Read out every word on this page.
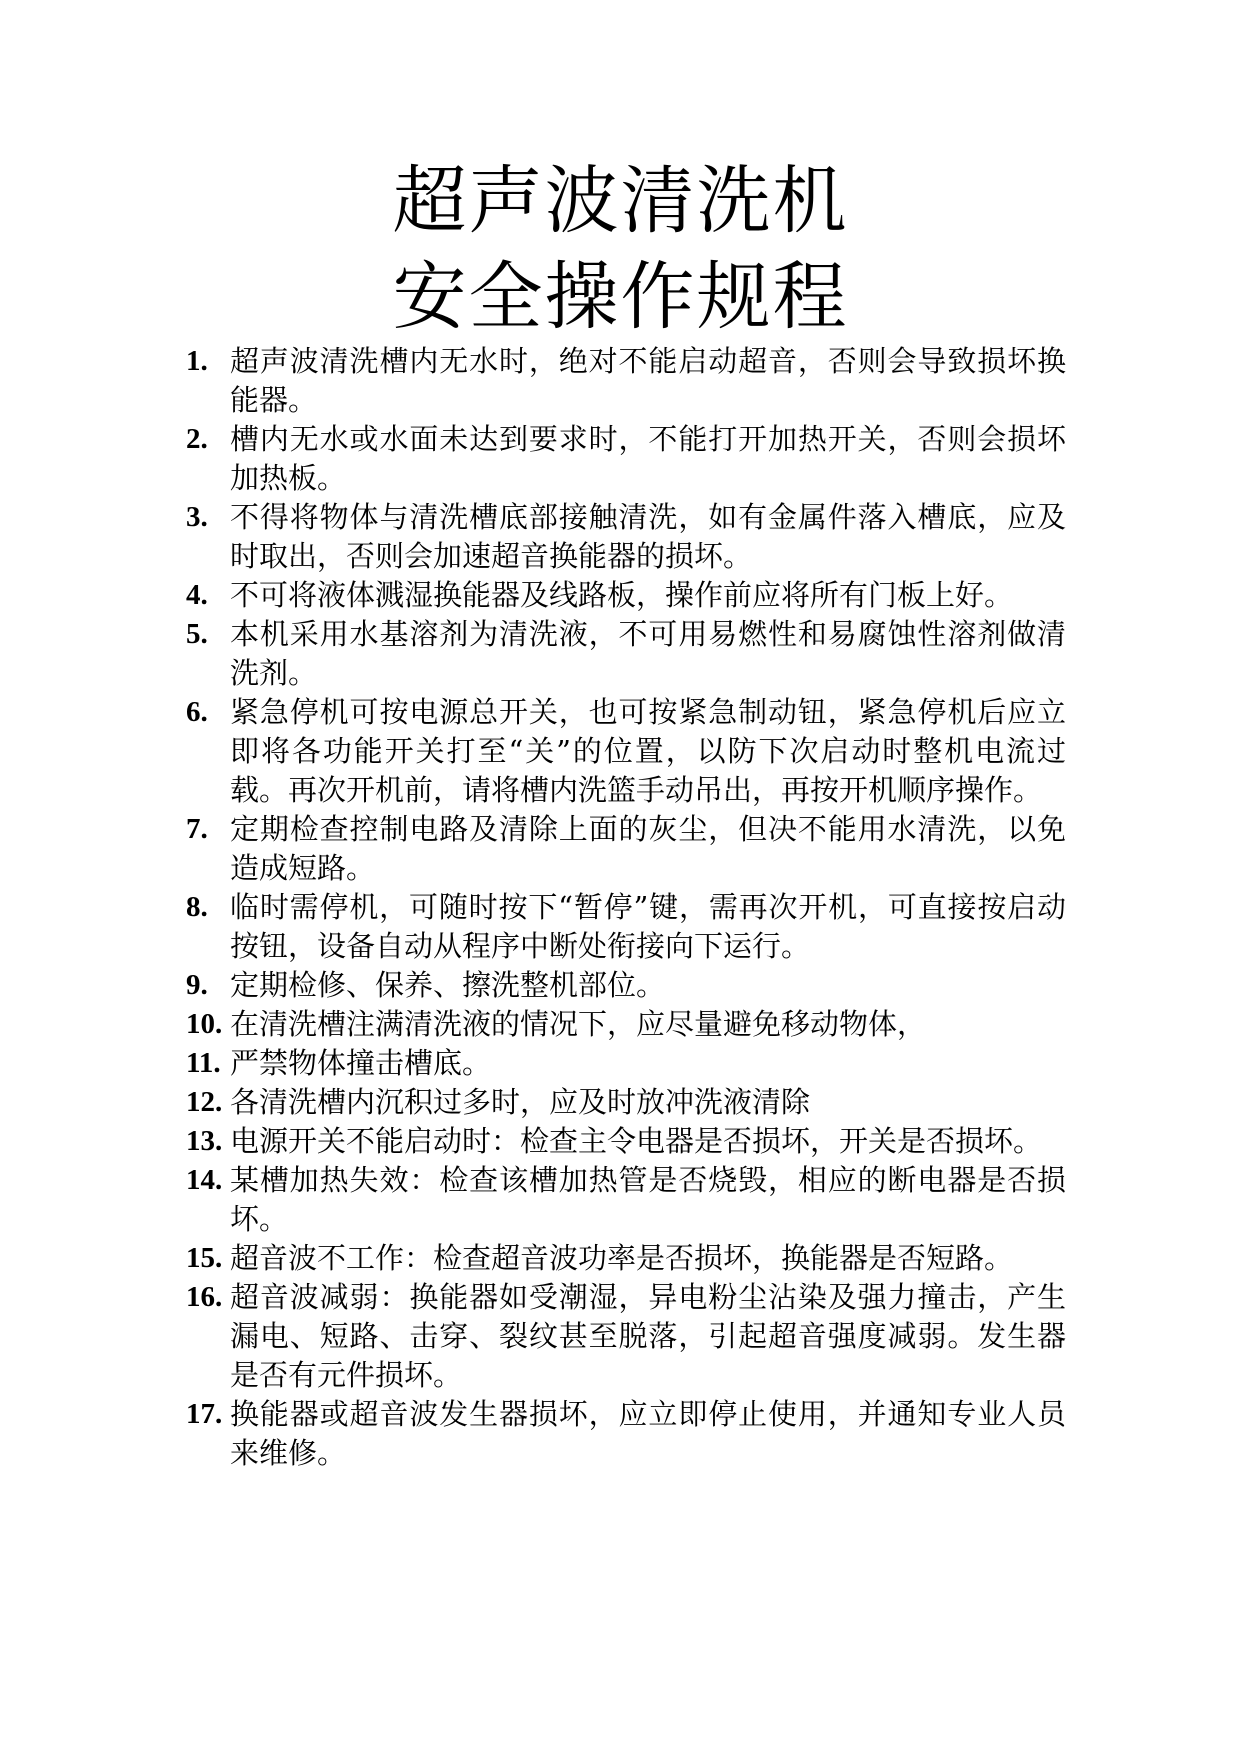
超声波清洗机
安全操作规程
1. 超声波清洗槽内无水时，绝对不能启动超音，否则会导致损坏换能器。
2. 槽内无水或水面未达到要求时，不能打开加热开关，否则会损坏加热板。
3. 不得将物体与清洗槽底部接触清洗，如有金属件落入槽底，应及时取出，否则会加速超音换能器的损坏。
4. 不可将液体溅湿换能器及线路板，操作前应将所有门板上好。
5. 本机采用水基溶剂为清洗液，不可用易燃性和易腐蚀性溶剂做清洗剂。
6. 紧急停机可按电源总开关，也可按紧急制动钮，紧急停机后应立即将各功能开关打至“关”的位置，以防下次启动时整机电流过载。再次开机前，请将槽内洗篮手动吊出，再按开机顺序操作。
7. 定期检查控制电路及清除上面的灰尘，但决不能用水清洗，以免造成短路。
8. 临时需停机，可随时按下“暂停”键，需再次开机，可直接按启动按钮，设备自动从程序中断处衔接向下运行。
9. 定期检修、保养、擦洗整机部位。
10. 在清洗槽注满清洗液的情况下，应尽量避免移动物体，
11. 严禁物体撞击槽底。
12. 各清洗槽内沉积过多时，应及时放冲洗液清除
13. 电源开关不能启动时：检查主令电器是否损坏，开关是否损坏。
14. 某槽加热失效：检查该槽加热管是否烧毁，相应的断电器是否损坏。
15. 超音波不工作：检查超音波功率是否损坏，换能器是否短路。
16. 超音波减弱：换能器如受潮湿，异电粉尘沾染及强力撞击，产生漏电、短路、击穿、裂纹甚至脱落，引起超音强度减弱。发生器是否有元件损坏。
17. 换能器或超音波发生器损坏，应立即停止使用，并通知专业人员来维修。
